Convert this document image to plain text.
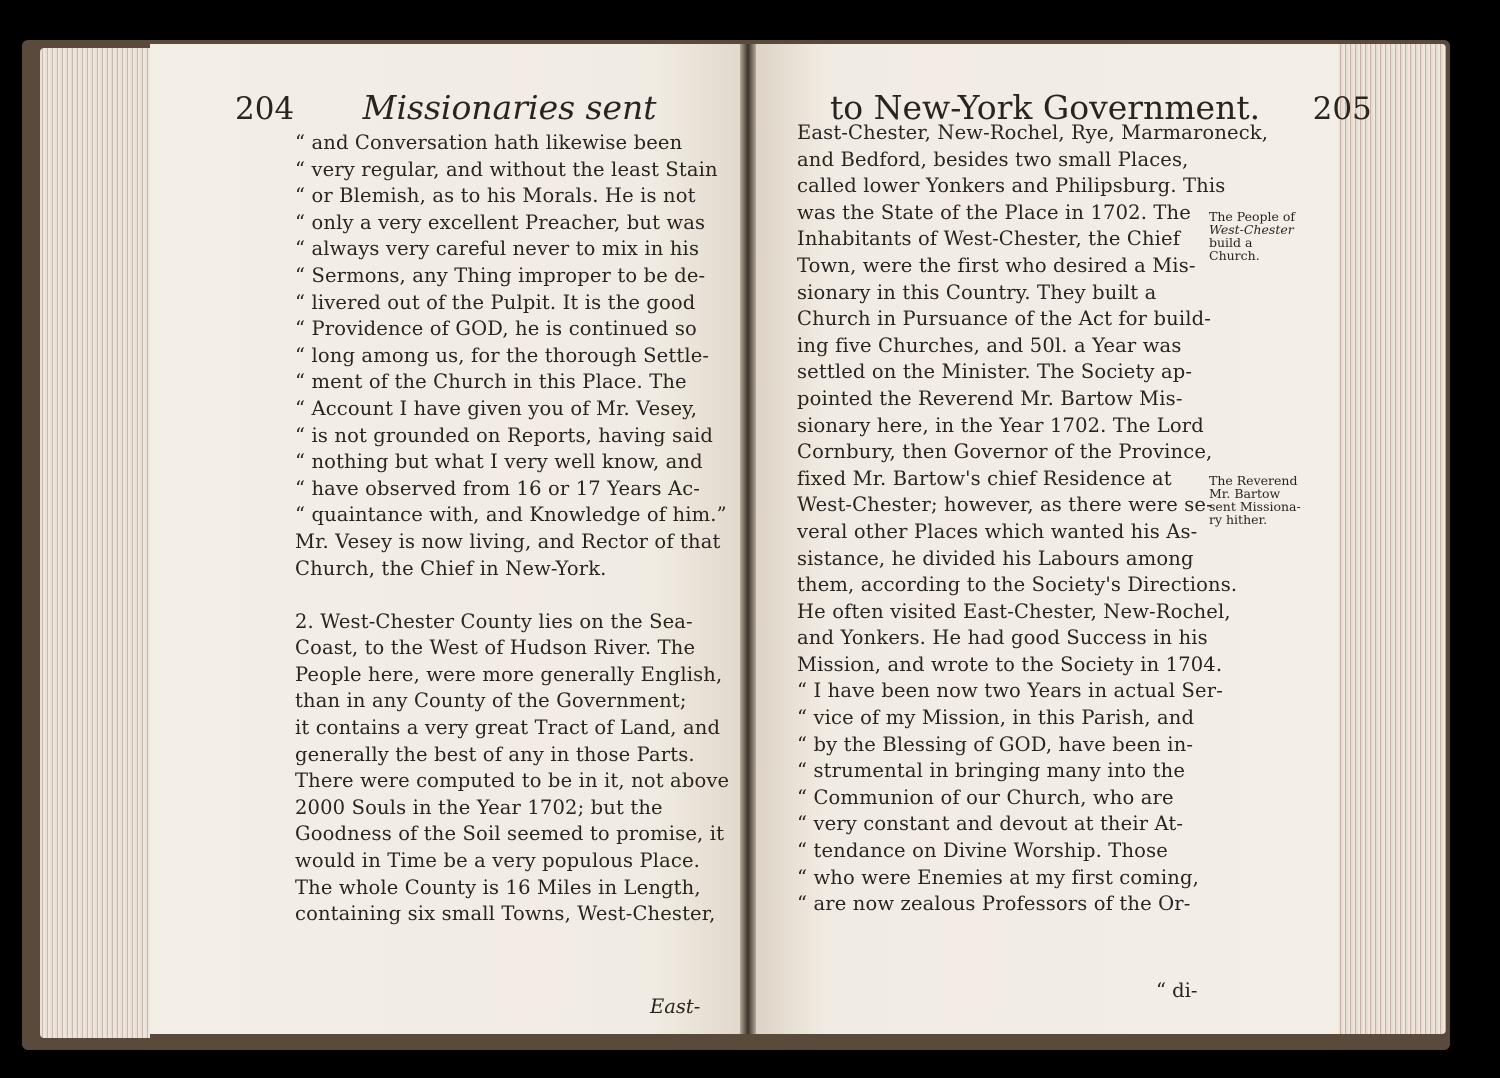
204 Missionaries sent
“ and Conversation hath likewise been
“ very regular, and without the least Stain
“ or Blemish, as to his Morals. He is not
“ only a very excellent Preacher, but was
“ always very careful never to mix in his
“ Sermons, any Thing improper to be de-
“ livered out of the Pulpit. It is the good
“ Providence of GOD, he is continued so
“ long among us, for the thorough Settle-
“ ment of the Church in this Place. The
“ Account I have given you of Mr. Vesey,
“ is not grounded on Reports, having said
“ nothing but what I very well know, and
“ have observed from 16 or 17 Years Ac-
“ quaintance with, and Knowledge of him.”
Mr. Vesey is now living, and Rector of that
Church, the Chief in New-York.
2. West-Chester County lies on the Sea-
Coast, to the West of Hudson River. The
People here, were more generally English,
than in any County of the Government;
it contains a very great Tract of Land, and
generally the best of any in those Parts.
There were computed to be in it, not above
2000 Souls in the Year 1702; but the
Goodness of the Soil seemed to promise, it
would in Time be a very populous Place.
The whole County is 16 Miles in Length,
containing six small Towns, West-Chester,
East-
to New-York Government. 205
East-Chester, New-Rochel, Rye, Marmaroneck,
and Bedford, besides two small Places,
called lower Yonkers and Philipsburg. This
was the State of the Place in 1702. The
Inhabitants of West-Chester, the Chief
Town, were the first who desired a Mis-
sionary in this Country. They built a
Church in Pursuance of the Act for build-
ing five Churches, and 50l. a Year was
settled on the Minister. The Society ap-
pointed the Reverend Mr. Bartow Mis-
sionary here, in the Year 1702. The Lord
Cornbury, then Governor of the Province,
fixed Mr. Bartow's chief Residence at
West-Chester; however, as there were se-
veral other Places which wanted his As-
sistance, he divided his Labours among
them, according to the Society's Directions.
He often visited East-Chester, New-Rochel,
and Yonkers. He had good Success in his
Mission, and wrote to the Society in 1704.
“ I have been now two Years in actual Ser-
“ vice of my Mission, in this Parish, and
“ by the Blessing of GOD, have been in-
“ strumental in bringing many into the
“ Communion of our Church, who are
“ very constant and devout at their At-
“ tendance on Divine Worship. Those
“ who were Enemies at my first coming,
“ are now zealous Professors of the Or-
“ di-
The People of
West-Chester
build a
Church.
The Reverend
Mr. Bartow
sent Missiona-
ry hither.
